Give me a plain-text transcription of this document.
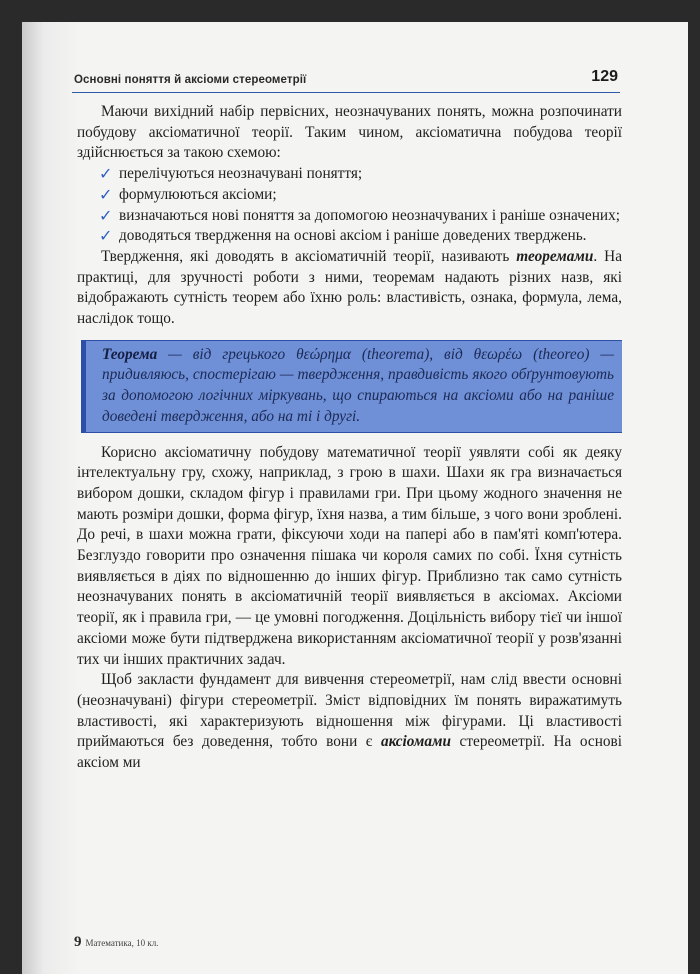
Основні поняття й аксіоми стереометрії	129

Маючи вихідний набір первісних, неозначуваних понять, можна розпочинати побудову аксіоматичної теорії. Таким чином, аксіоматична побудова теорії здійснюється за такою схемою:

✓ перелічуються неозначувані поняття;
✓ формулюються аксіоми;
✓ визначаються нові поняття за допомогою неозначуваних і раніше означених;
✓ доводяться твердження на основі аксіом і раніше доведених тверджень.

Твердження, які доводять в аксіоматичній теорії, називають теоремами. На практиці, для зручності роботи з ними, теоремам надають різних назв, які відображають сутність теорем або їхню роль: властивість, ознака, формула, лема, наслідок тощо.

Теорема — від грецького θεώρημα (theorema), від θεωρέω (theoreo) — придивляюсь, спостерігаю — твердження, правдивість якого обґрунтовують за допомогою логічних міркувань, що спираються на аксіоми або на раніше доведені твердження, або на ті і другі.

Корисно аксіоматичну побудову математичної теорії уявляти собі як деяку інтелектуальну гру, схожу, наприклад, з грою в шахи. Шахи як гра визначається вибором дошки, складом фігур і правилами гри. При цьому жодного значення не мають розміри дошки, форма фігур, їхня назва, а тим більше, з чого вони зроблені. До речі, в шахи можна грати, фіксуючи ходи на папері або в пам'яті комп'ютера. Безглуздо говорити про означення пішака чи короля самих по собі. Їхня сутність виявляється в діях по відношенню до інших фігур. Приблизно так само сутність неозначуваних понять в аксіоматичній теорії виявляється в аксіомах. Аксіоми теорії, як і правила гри, — це умовні погодження. Доцільність вибору тієї чи іншої аксіоми може бути підтверджена використанням аксіоматичної теорії у розв'язанні тих чи інших практичних задач.

Щоб закласти фундамент для вивчення стереометрії, нам слід ввести основні (неозначувані) фігури стереометрії. Зміст відповідних їм понять виражатимуть властивості, які характеризують відношення між фігурами. Ці властивості приймаються без доведення, тобто вони є аксіомами стереометрії. На основі аксіом ми

9 Математика, 10 кл.
